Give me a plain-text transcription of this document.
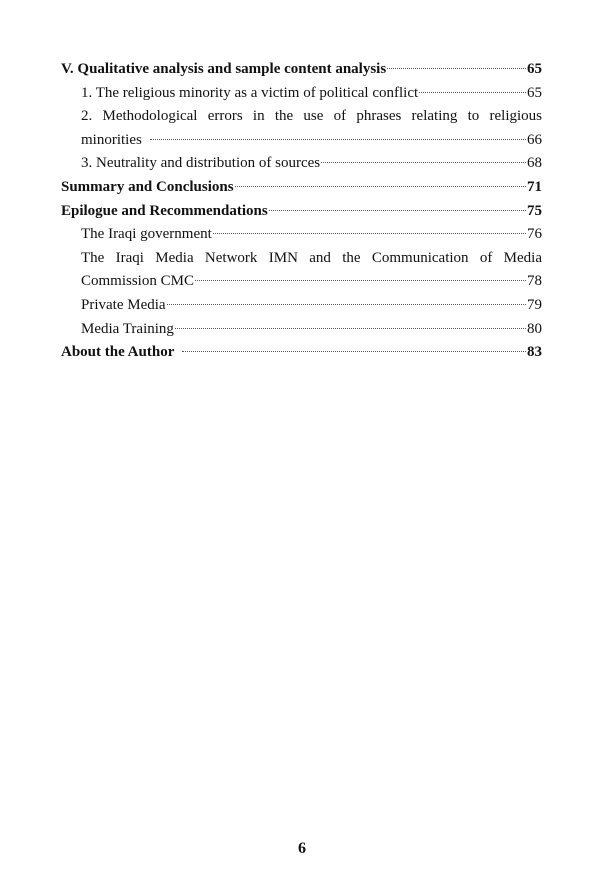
V. Qualitative analysis and sample content analysis	65
1. The religious minority as a victim of political conflict	65
2. Methodological errors in the use of phrases relating to religious
minorities	66
3. Neutrality and distribution of sources	68
Summary and Conclusions	71
Epilogue and Recommendations	75
The Iraqi government	76
The Iraqi Media Network IMN and the Communication of Media
Commission CMC	78
Private Media	79
Media Training	80
About the Author	83
6
